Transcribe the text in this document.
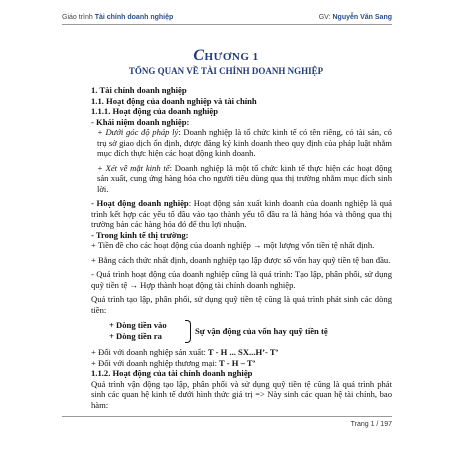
Giáo trình Tài chính doanh nghiệp	GV: Nguyễn Văn Sang
CHƯƠNG 1
TỔNG QUAN VỀ TÀI CHÍNH DOANH NGHIỆP
1. Tài chính doanh nghiệp
1.1. Hoạt động của doanh nghiệp và tài chính
1.1.1. Hoạt động của doanh nghiệp
- Khái niệm doanh nghiệp:
+ Dưới góc độ pháp lý: Doanh nghiệp là tổ chức kinh tế có tên riêng, có tài sản, có trụ sở giao dịch ổn định, được đăng ký kinh doanh theo quy định của pháp luật nhằm mục đích thực hiện các hoạt động kinh doanh.
+ Xét về mặt kinh tế: Doanh nghiệp là một tổ chức kinh tế thực hiện các hoạt động sản xuất, cung ứng hàng hóa cho người tiêu dùng qua thị trường nhằm mục đích sinh lời.
- Hoạt động doanh nghiệp: Hoạt động sản xuất kinh doanh của doanh nghiệp là quá trình kết hợp các yếu tố đầu vào tạo thành yếu tố đầu ra là hàng hóa và thông qua thị trường bán các hàng hóa đó để thu lợi nhuận.
- Trong kinh tế thị trường:
+ Tiền đề cho các hoạt động của doanh nghiệp → một lượng vốn tiền tệ nhất định.
+ Bằng cách thức nhất định, doanh nghiệp tạo lập được số vốn hay quỹ tiền tệ ban đầu.
- Quá trình hoạt động của doanh nghiệp cũng là quá trình: Tạo lập, phân phối, sử dụng quỹ tiền tệ → Hợp thành hoạt động tài chính doanh nghiệp.
Quá trình tạo lập, phân phối, sử dụng quỹ tiền tệ cũng là quá trình phát sinh các dòng tiền:
+ Dòng tiền vào
+ Dòng tiền ra	Sự vận động của vốn hay quỹ tiền tệ
+ Đối với doanh nghiệp sản xuất: T - H ... SX...H’- T’
+ Đối với doanh nghiệp thương mại: T - H – T’
1.1.2. Hoạt động của tài chính doanh nghiệp
Quá trình vận động tạo lập, phân phối và sử dụng quỹ tiền tệ cũng là quá trình phát sinh các quan hệ kinh tế dưới hình thức giá trị => Này sinh các quan hệ tài chính, bao hàm:
Trang 1 / 197
